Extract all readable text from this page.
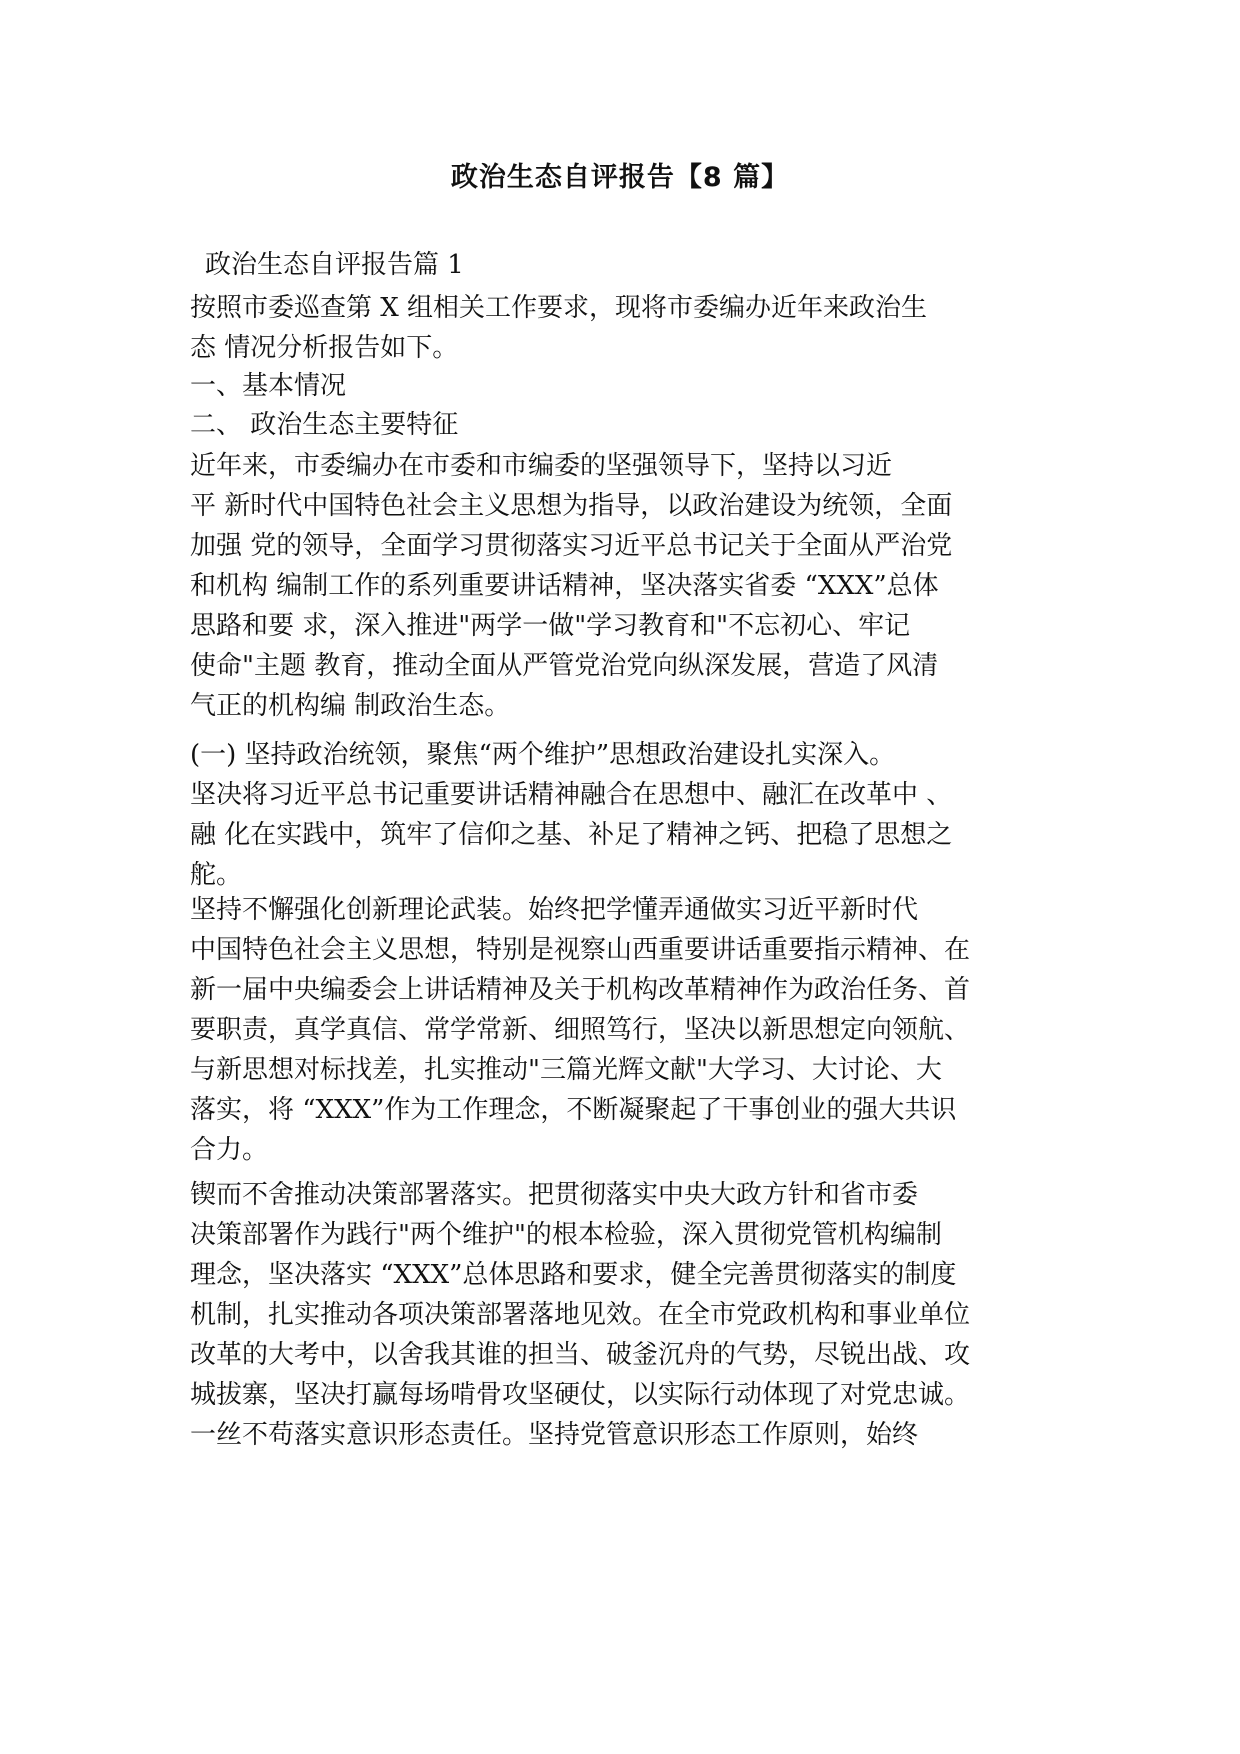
政治生态自评报告【8 篇】
政治生态自评报告篇 1
按照市委巡查第 X 组相关工作要求，现将市委编办近年来政治生
态 情况分析报告如下。
一、基本情况
二、 政治生态主要特征
近年来，市委编办在市委和市编委的坚强领导下，坚持以习近
平 新时代中国特色社会主义思想为指导，以政治建设为统领，全面
加强 党的领导，全面学习贯彻落实习近平总书记关于全面从严治党
和机构 编制工作的系列重要讲话精神，坚决落实省委 “XXX”总体
思路和要 求，深入推进"两学一做"学习教育和"不忘初心、牢记
使命"主题 教育，推动全面从严管党治党向纵深发展，营造了风清
气正的机构编 制政治生态。
(一) 坚持政治统领，聚焦“两个维护”思想政治建设扎实深入。
坚决将习近平总书记重要讲话精神融合在思想中、融汇在改革中 、
融 化在实践中，筑牢了信仰之基、补足了精神之钙、把稳了思想之
舵。
坚持不懈强化创新理论武装。始终把学懂弄通做实习近平新时代
中国特色社会主义思想，特别是视察山西重要讲话重要指示精神、在
新一届中央编委会上讲话精神及关于机构改革精神作为政治任务、首
要职责，真学真信、常学常新、细照笃行，坚决以新思想定向领航、
与新思想对标找差，扎实推动"三篇光辉文献"大学习、大讨论、大
落实，将 “XXX”作为工作理念，不断凝聚起了干事创业的强大共识
合力。
锲而不舍推动决策部署落实。把贯彻落实中央大政方针和省市委
决策部署作为践行"两个维护"的根本检验，深入贯彻党管机构编制
理念，坚决落实 “XXX”总体思路和要求，健全完善贯彻落实的制度
机制，扎实推动各项决策部署落地见效。在全市党政机构和事业单位
改革的大考中，以舍我其谁的担当、破釜沉舟的气势，尽锐出战、攻
城拔寨，坚决打赢每场啃骨攻坚硬仗，以实际行动体现了对党忠诚。
一丝不苟落实意识形态责任。坚持党管意识形态工作原则，始终
